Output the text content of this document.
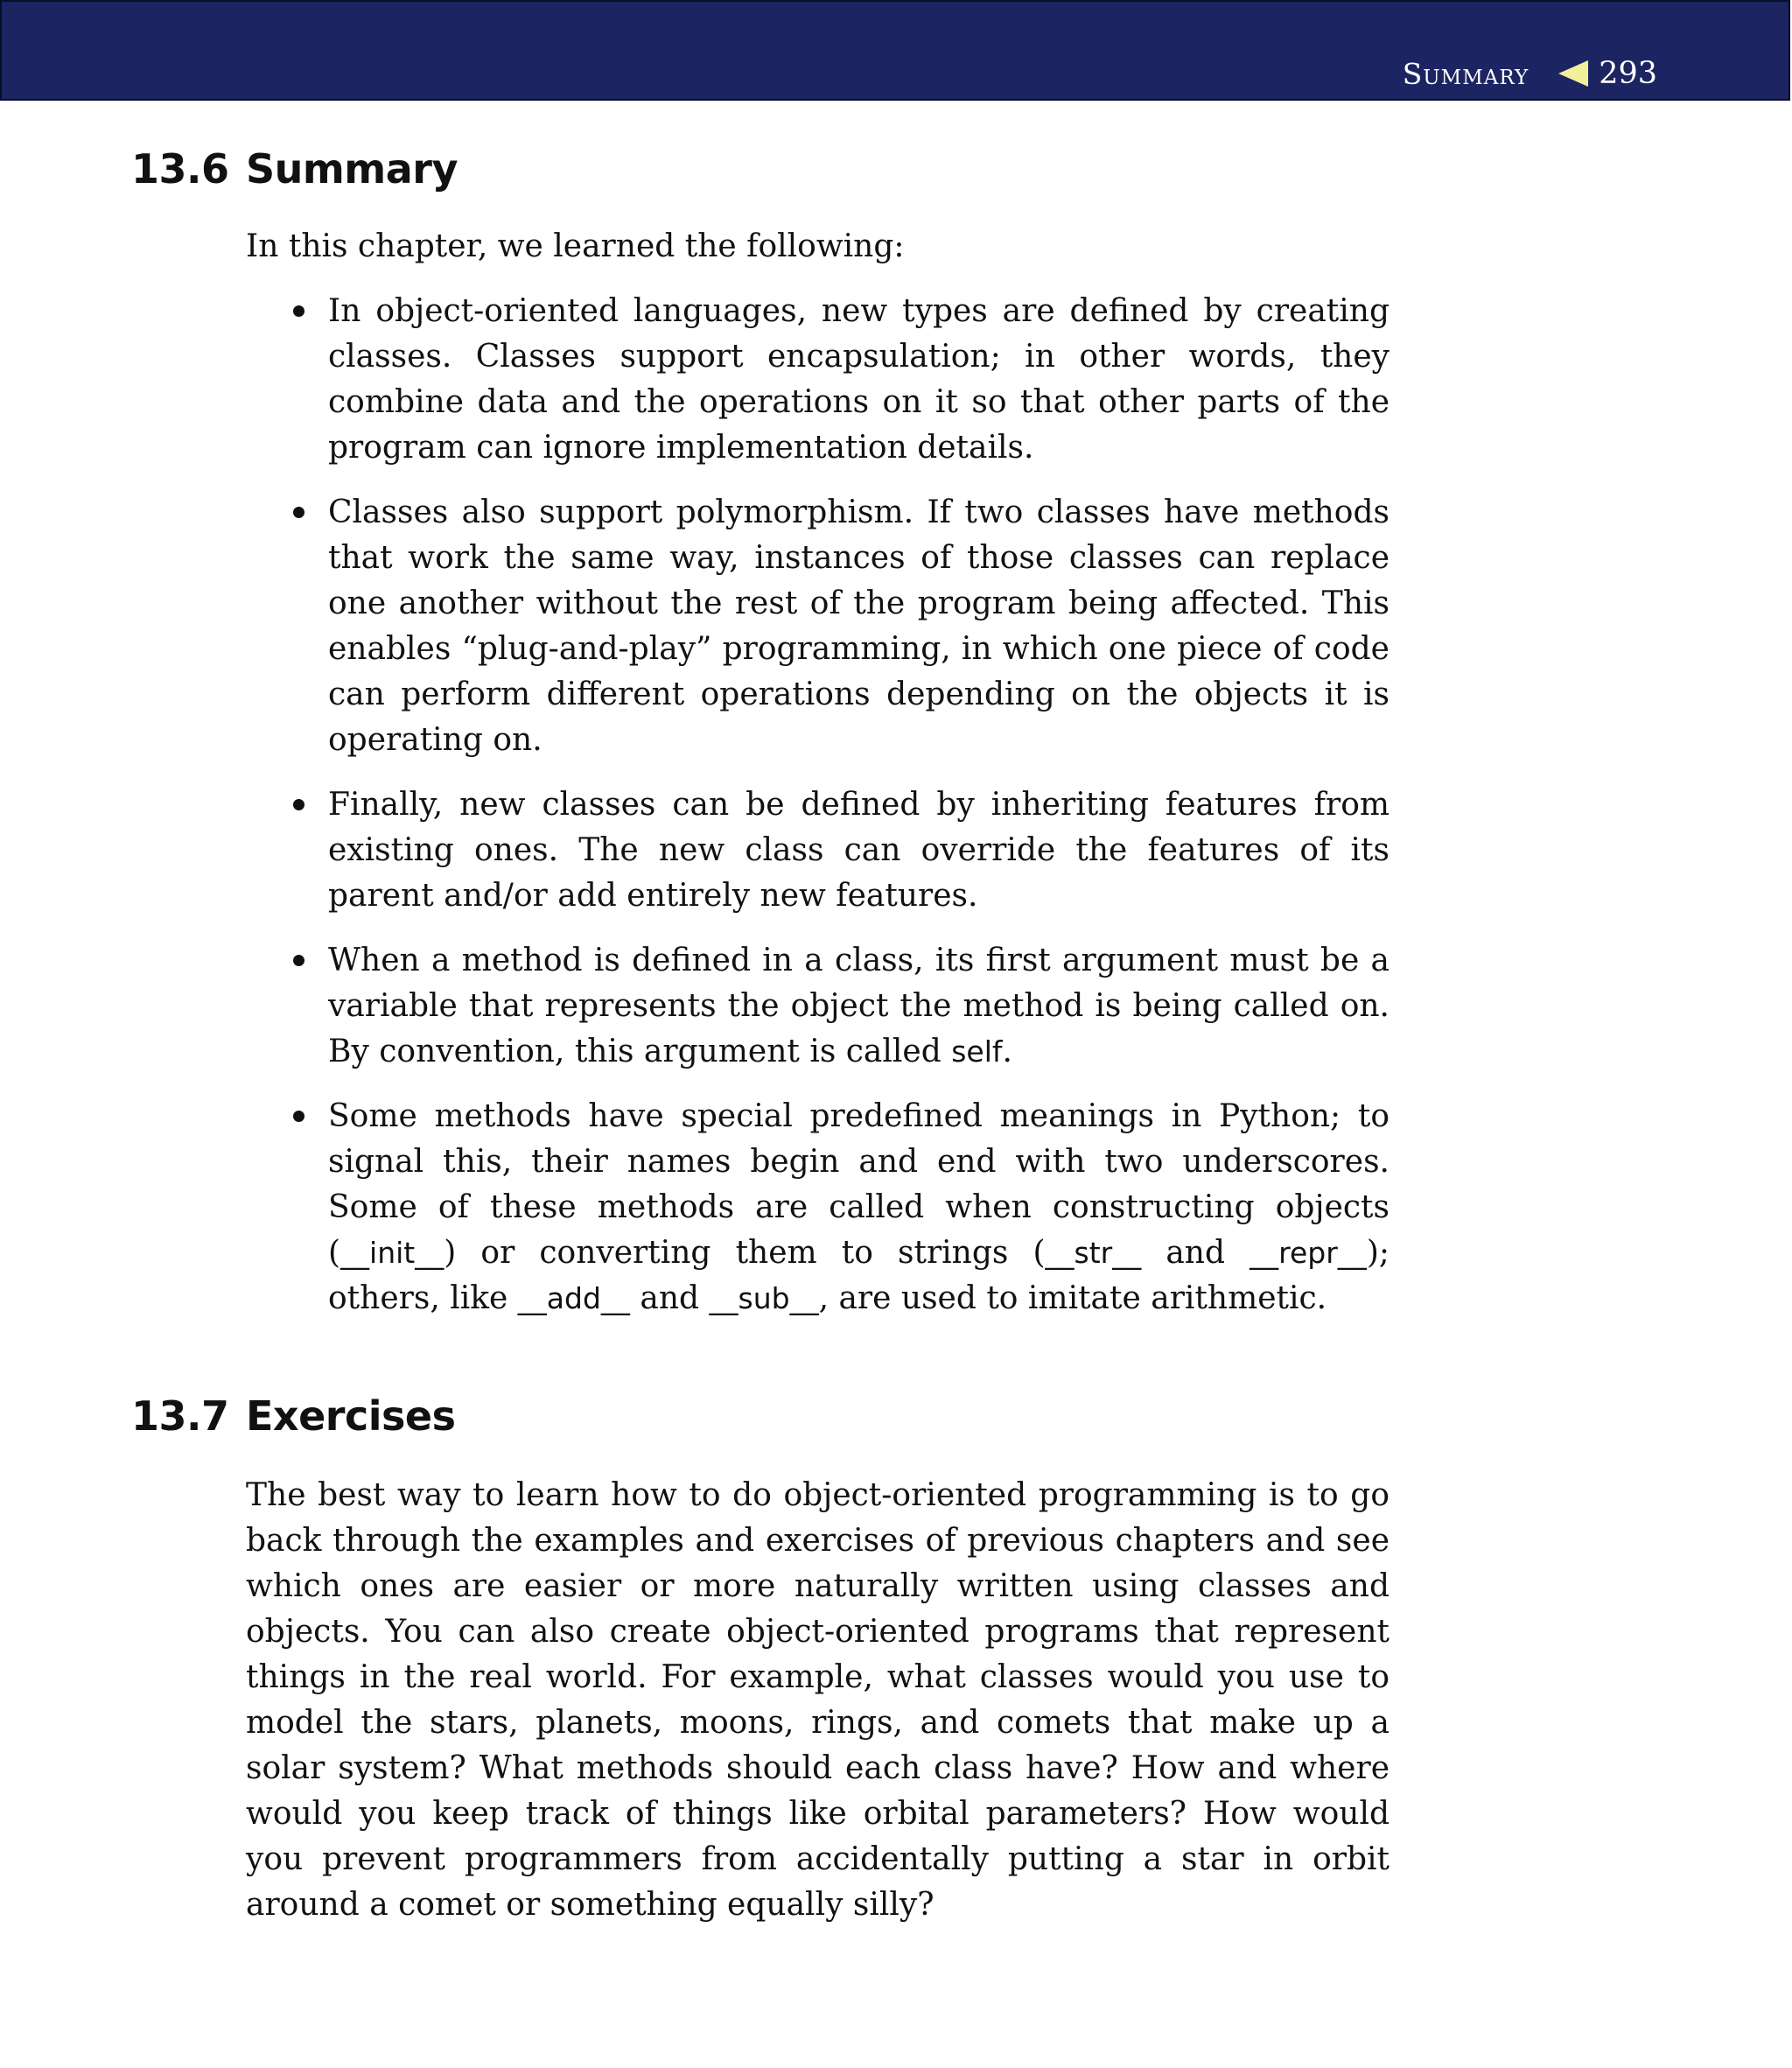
Summary 293
13.6 Summary

In this chapter, we learned the following:

In object-oriented languages, new types are defined by creating classes. Classes support encapsulation; in other words, they combine data and the operations on it so that other parts of the program can ignore implementation details.
Classes also support polymorphism. If two classes have methods that work the same way, instances of those classes can replace one another without the rest of the program being affected. This enables “plug-and-play” programming, in which one piece of code can perform different operations depending on the objects it is operating on.
Finally, new classes can be defined by inheriting features from existing ones. The new class can override the features of its parent and/or add entirely new features.
When a method is defined in a class, its first argument must be a variable that represents the object the method is being called on. By convention, this argument is called self.
Some methods have special predefined meanings in Python; to signal this, their names begin and end with two underscores. Some of these methods are called when constructing objects (__init__) or converting them to strings (__str__ and __repr__); others, like __add__ and __sub__, are used to imitate arithmetic.
13.7 Exercises

The best way to learn how to do object-oriented programming is to go back through the examples and exercises of previous chapters and see which ones are easier or more naturally written using classes and objects. You can also create object-oriented programs that represent things in the real world. For example, what classes would you use to model the stars, planets, moons, rings, and comets that make up a solar system? What methods should each class have? How and where would you keep track of things like orbital parameters? How would you prevent programmers from accidentally putting a star in orbit around a comet or something equally silly?
